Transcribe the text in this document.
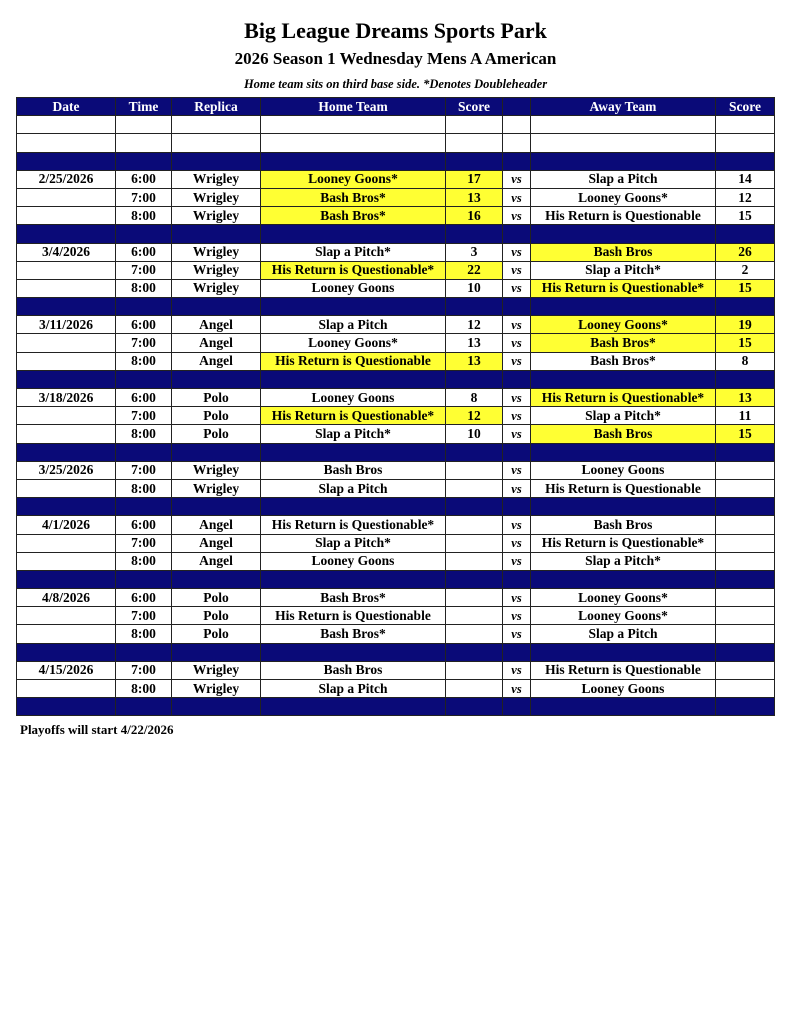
Big League Dreams Sports Park
2026 Season 1 Wednesday Mens A American
Home team sits on third base side. *Denotes Doubleheader
Date	Time	Replica	Home Team	Score		Away Team	Score

2/25/2026	6:00	Wrigley	Looney Goons*	17	vs	Slap a Pitch	14
	7:00	Wrigley	Bash Bros*	13	vs	Looney Goons*	12
	8:00	Wrigley	Bash Bros*	16	vs	His Return is Questionable	15

3/4/2026	6:00	Wrigley	Slap a Pitch*	3	vs	Bash Bros	26
	7:00	Wrigley	His Return is Questionable*	22	vs	Slap a Pitch*	2
	8:00	Wrigley	Looney Goons	10	vs	His Return is Questionable*	15

3/11/2026	6:00	Angel	Slap a Pitch	12	vs	Looney Goons*	19
	7:00	Angel	Looney Goons*	13	vs	Bash Bros*	15
	8:00	Angel	His Return is Questionable	13	vs	Bash Bros*	8

3/18/2026	6:00	Polo	Looney Goons	8	vs	His Return is Questionable*	13
	7:00	Polo	His Return is Questionable*	12	vs	Slap a Pitch*	11
	8:00	Polo	Slap a Pitch*	10	vs	Bash Bros	15

3/25/2026	7:00	Wrigley	Bash Bros		vs	Looney Goons	
	8:00	Wrigley	Slap a Pitch		vs	His Return is Questionable	

4/1/2026	6:00	Angel	His Return is Questionable*		vs	Bash Bros	
	7:00	Angel	Slap a Pitch*		vs	His Return is Questionable*	
	8:00	Angel	Looney Goons		vs	Slap a Pitch*	

4/8/2026	6:00	Polo	Bash Bros*		vs	Looney Goons*	
	7:00	Polo	His Return is Questionable		vs	Looney Goons*	
	8:00	Polo	Bash Bros*		vs	Slap a Pitch	

4/15/2026	7:00	Wrigley	Bash Bros		vs	His Return is Questionable	
	8:00	Wrigley	Slap a Pitch		vs	Looney Goons	

Playoffs will start 4/22/2026
